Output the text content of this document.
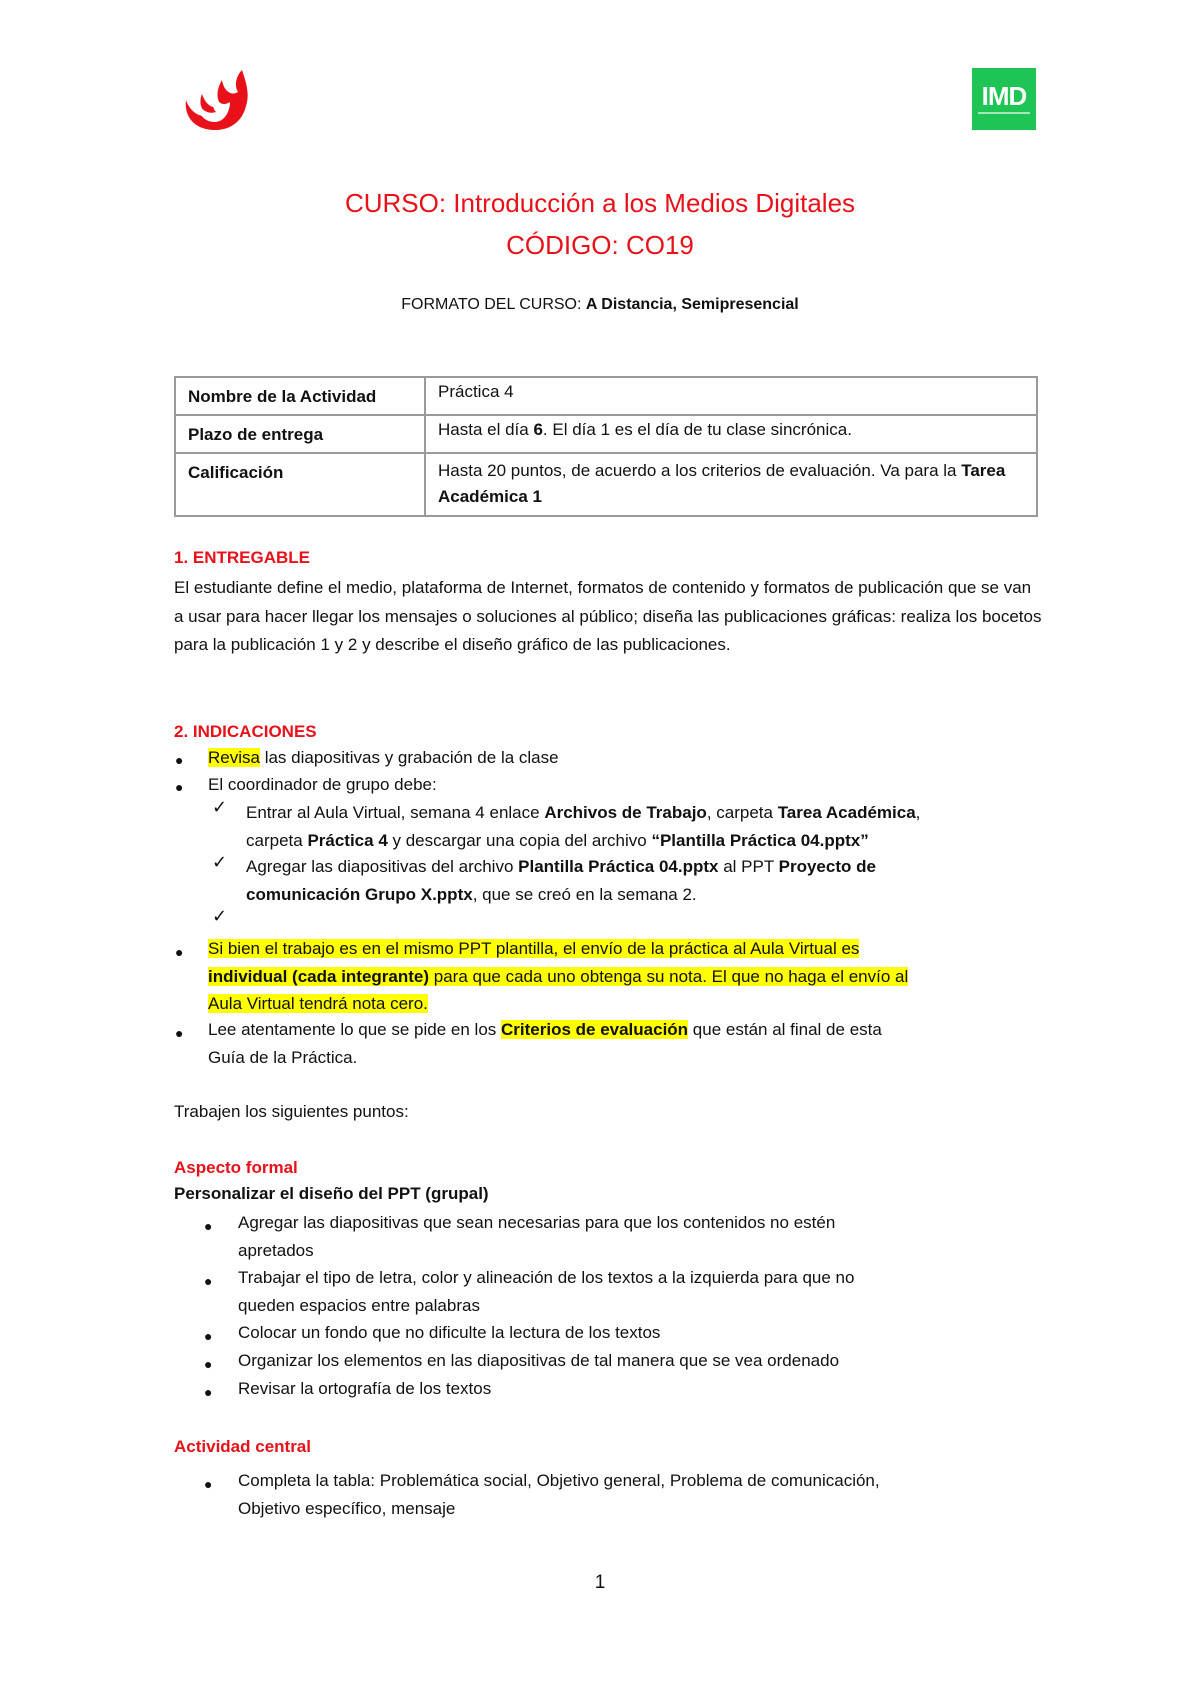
IMD
CURSO: Introducción a los Medios Digitales
CÓDIGO: CO19
FORMATO DEL CURSO: A Distancia, Semipresencial
Nombre de la Actividad	Práctica 4
Plazo de entrega	Hasta el día 6. El día 1 es el día de tu clase sincrónica.
Calificación	Hasta 20 puntos, de acuerdo a los criterios de evaluación. Va para la Tarea Académica 1
1. ENTREGABLE
El estudiante define el medio, plataforma de Internet, formatos de contenido y formatos de publicación que se van a usar para hacer llegar los mensajes o soluciones al público; diseña las publicaciones gráficas: realiza los bocetos para la publicación 1 y 2 y describe el diseño gráfico de las publicaciones.
2. INDICACIONES
● Revisa las diapositivas y grabación de la clase
● El coordinador de grupo debe:
✓ Entrar al Aula Virtual, semana 4 enlace Archivos de Trabajo, carpeta Tarea Académica,
carpeta Práctica 4 y descargar una copia del archivo “Plantilla Práctica 04.pptx”
✓ Agregar las diapositivas del archivo Plantilla Práctica 04.pptx al PPT Proyecto de
comunicación Grupo X.pptx, que se creó en la semana 2.
✓
● Si bien el trabajo es en el mismo PPT plantilla, el envío de la práctica al Aula Virtual es
individual (cada integrante) para que cada uno obtenga su nota. El que no haga el envío al
Aula Virtual tendrá nota cero.
● Lee atentamente lo que se pide en los Criterios de evaluación que están al final de esta
Guía de la Práctica.
Trabajen los siguientes puntos:
Aspecto formal
Personalizar el diseño del PPT (grupal)
● Agregar las diapositivas que sean necesarias para que los contenidos no estén
apretados
● Trabajar el tipo de letra, color y alineación de los textos a la izquierda para que no
queden espacios entre palabras
● Colocar un fondo que no dificulte la lectura de los textos
● Organizar los elementos en las diapositivas de tal manera que se vea ordenado
● Revisar la ortografía de los textos
Actividad central
● Completa la tabla: Problemática social, Objetivo general, Problema de comunicación,
Objetivo específico, mensaje
1
